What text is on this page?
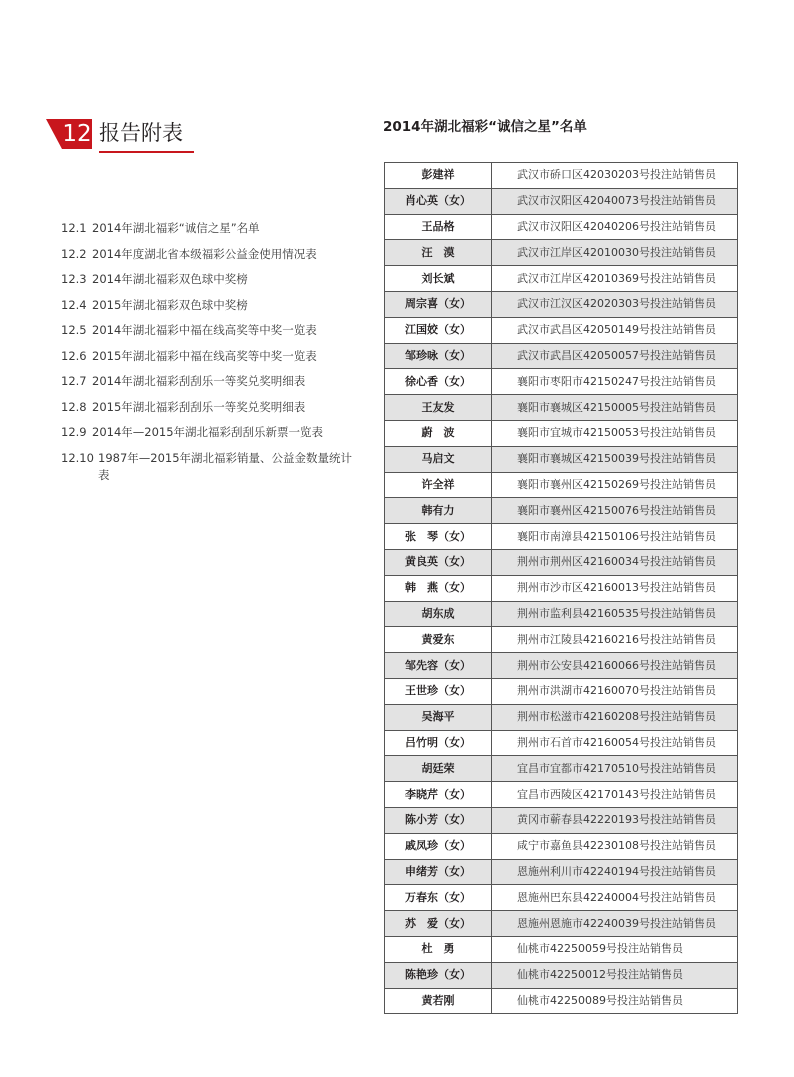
12 报告附表
12.1 2014年湖北福彩“诚信之星”名单
12.2 2014年度湖北省本级福彩公益金使用情况表
12.3 2014年湖北福彩双色球中奖榜
12.4 2015年湖北福彩双色球中奖榜
12.5 2014年湖北福彩中福在线高奖等中奖一览表
12.6 2015年湖北福彩中福在线高奖等中奖一览表
12.7 2014年湖北福彩刮刮乐一等奖兑奖明细表
12.8 2015年湖北福彩刮刮乐一等奖兑奖明细表
12.9 2014年—2015年湖北福彩刮刮乐新票一览表
12.10 1987年—2015年湖北福彩销量、公益金数量统计表
2014年湖北福彩“诚信之星”名单
彭建祥	武汉市硚口区42030203号投注站销售员
肖心英（女）	武汉市汉阳区42040073号投注站销售员
王品格	武汉市汉阳区42040206号投注站销售员
汪　漠	武汉市江岸区42010030号投注站销售员
刘长斌	武汉市江岸区42010369号投注站销售员
周宗喜（女）	武汉市江汉区42020303号投注站销售员
江国姣（女）	武汉市武昌区42050149号投注站销售员
邹珍咏（女）	武汉市武昌区42050057号投注站销售员
徐心香（女）	襄阳市枣阳市42150247号投注站销售员
王友发	襄阳市襄城区42150005号投注站销售员
蔚　波	襄阳市宜城市42150053号投注站销售员
马启文	襄阳市襄城区42150039号投注站销售员
许全祥	襄阳市襄州区42150269号投注站销售员
韩有力	襄阳市襄州区42150076号投注站销售员
张　琴（女）	襄阳市南漳县42150106号投注站销售员
黄良英（女）	荆州市荆州区42160034号投注站销售员
韩　燕（女）	荆州市沙市区42160013号投注站销售员
胡东成	荆州市监利县42160535号投注站销售员
黄爱东	荆州市江陵县42160216号投注站销售员
邹先容（女）	荆州市公安县42160066号投注站销售员
王世珍（女）	荆州市洪湖市42160070号投注站销售员
吴海平	荆州市松滋市42160208号投注站销售员
吕竹明（女）	荆州市石首市42160054号投注站销售员
胡廷荣	宜昌市宜都市42170510号投注站销售员
李晓芹（女）	宜昌市西陵区42170143号投注站销售员
陈小芳（女）	黄冈市蕲春县42220193号投注站销售员
戚凤珍（女）	咸宁市嘉鱼县42230108号投注站销售员
申绪芳（女）	恩施州利川市42240194号投注站销售员
万春东（女）	恩施州巴东县42240004号投注站销售员
苏　爱（女）	恩施州恩施市42240039号投注站销售员
杜　勇	仙桃市42250059号投注站销售员
陈艳珍（女）	仙桃市42250012号投注站销售员
黄若刚	仙桃市42250089号投注站销售员
